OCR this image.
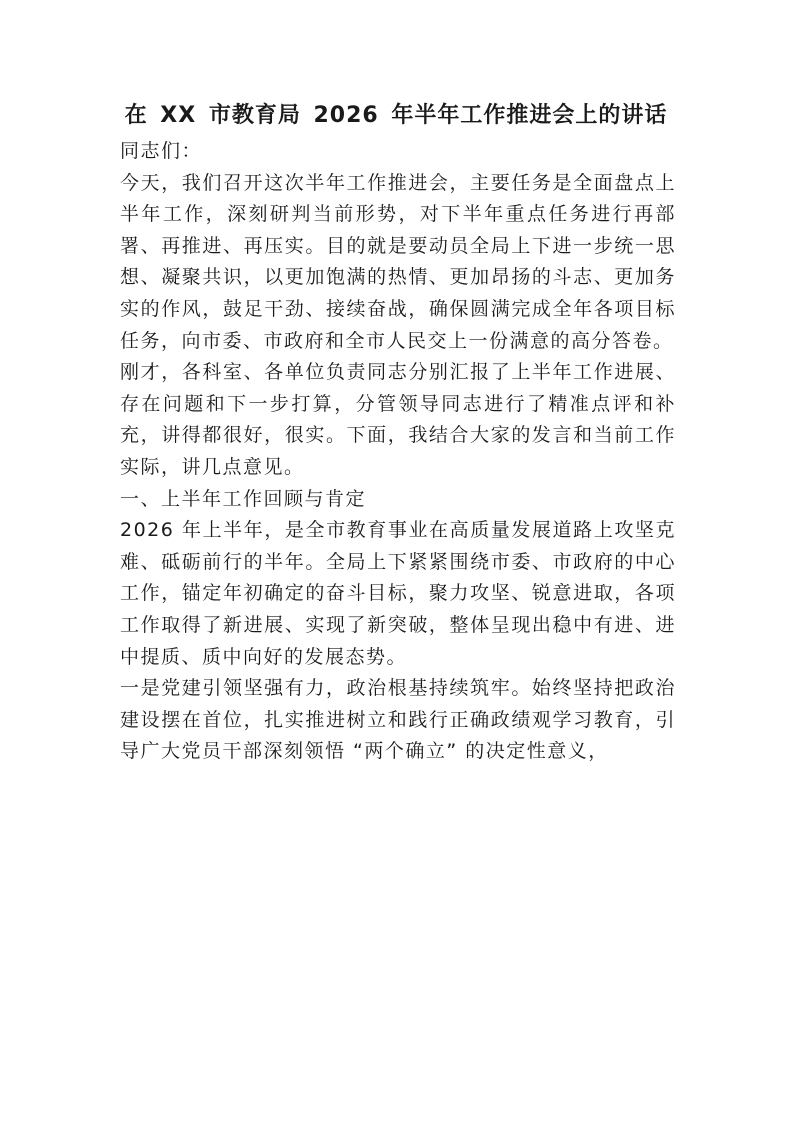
在 XX 市教育局 2026 年半年工作推进会上的讲话

同志们：

今天，我们召开这次半年工作推进会，主要任务是全面盘点上半年工作，深刻研判当前形势，对下半年重点任务进行再部署、再推进、再压实。目的就是要动员全局上下进一步统一思想、凝聚共识，以更加饱满的热情、更加昂扬的斗志、更加务实的作风，鼓足干劲、接续奋战，确保圆满完成全年各项目标任务，向市委、市政府和全市人民交上一份满意的高分答卷。

刚才，各科室、各单位负责同志分别汇报了上半年工作进展、存在问题和下一步打算，分管领导同志进行了精准点评和补充，讲得都很好，很实。下面，我结合大家的发言和当前工作实际，讲几点意见。

一、上半年工作回顾与肯定

2026 年上半年，是全市教育事业在高质量发展道路上攻坚克难、砥砺前行的半年。全局上下紧紧围绕市委、市政府的中心工作，锚定年初确定的奋斗目标，聚力攻坚、锐意进取，各项工作取得了新进展、实现了新突破，整体呈现出稳中有进、进中提质、质中向好的发展态势。

一是党建引领坚强有力，政治根基持续筑牢。始终坚持把政治建设摆在首位，扎实推进树立和践行正确政绩观学习教育，引导广大党员干部深刻领悟 “两个确立” 的决定性意义，
